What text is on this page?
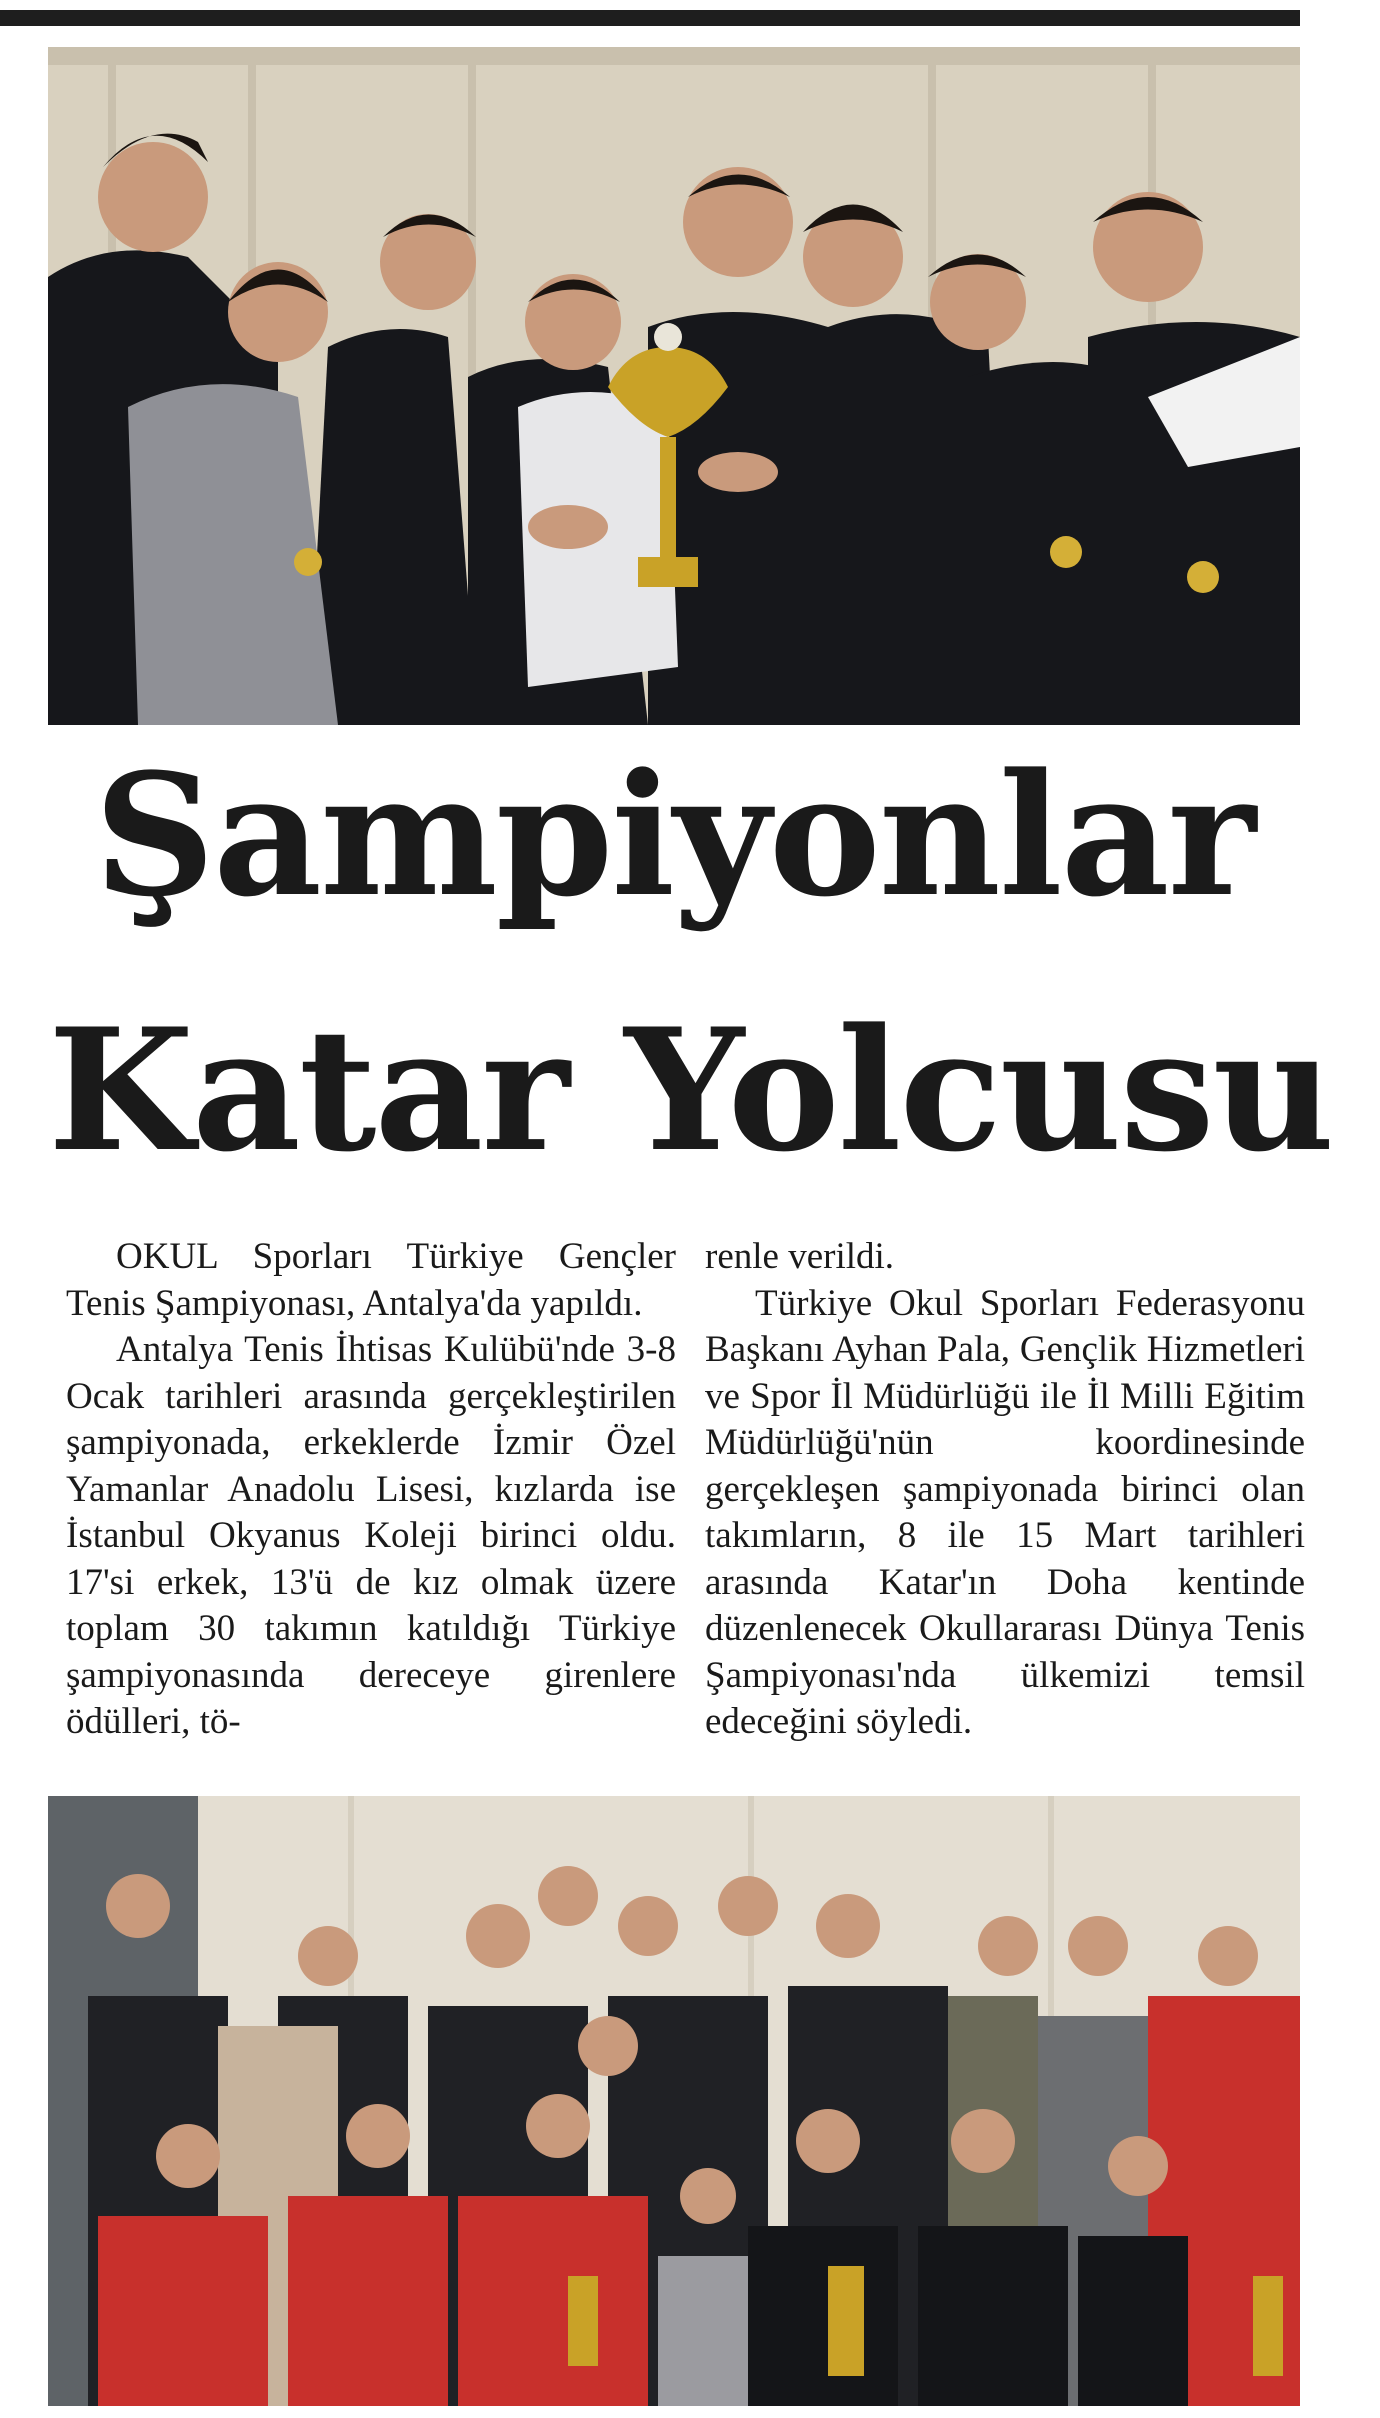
Şampiyonlar
Katar Yolcusu

OKUL Sporları Türkiye Gençler Tenis Şampiyonası, Antalya'da yapıldı.

Antalya Tenis İhtisas Kulübü'nde 3-8 Ocak tarihleri arasında gerçekleştirilen şampiyonada, erkeklerde İzmir Özel Yamanlar Anadolu Lisesi, kızlarda ise İstanbul Okyanus Koleji birinci oldu. 17'si erkek, 13'ü de kız olmak üzere toplam 30 takımın katıldığı Türkiye şampiyonasında dereceye girenlere ödülleri, tö-

renle verildi.

Türkiye Okul Sporları Federasyonu Başkanı Ayhan Pala, Gençlik Hizmetleri ve Spor İl Müdürlüğü ile İl Milli Eğitim Müdürlüğü'nün koordinesinde gerçekleşen şampiyonada birinci olan takımların, 8 ile 15 Mart tarihleri arasında Katar'ın Doha kentinde düzenlenecek Okullararası Dünya Tenis Şampiyonası'nda ülkemizi temsil edeceğini söyledi.
